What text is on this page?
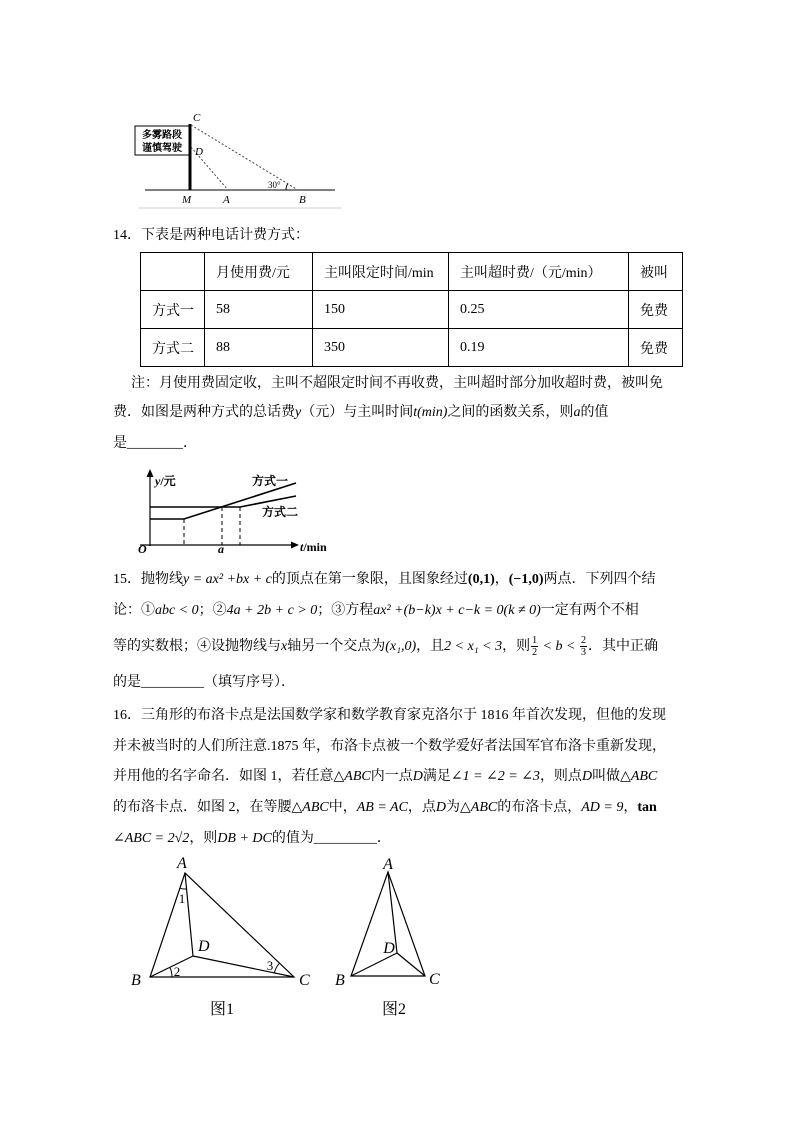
多雾路段
谨慎驾驶
C
D
M	A	B
30°
14．下表是两种电话计费方式：
	月使用费/元	主叫限定时间/min	主叫超时费/（元/min）	被叫
方式一	58	150	0.25	免费
方式二	88	350	0.19	免费
注：月使用费固定收，主叫不超限定时间不再收费，主叫超时部分加收超时费，被叫免
费．如图是两种方式的总话费y（元）与主叫时间t(min)之间的函数关系，则a的值
是________．
y/元	方式一
方式二
O	a	t/min
15．抛物线y = ax² +bx + c的顶点在第一象限，且图象经过(0,1)，(−1,0)两点．下列四个结
论：①abc < 0；②4a + 2b + c > 0；③方程ax² +(b−k)x + c−k = 0(k ≠ 0)一定有两个不相
等的实数根；④设抛物线与x轴另一个交点为(x₁,0)，且2 < x₁ < 3，则 $\frac{1}{2} < b < \frac{2}{3}$ ．其中正确
的是_________（填写序号）．
16．三角形的布洛卡点是法国数学家和数学教育家克洛尔于 1816 年首次发现，但他的发现
并未被当时的人们所注意.1875 年，布洛卡点被一个数学爱好者法国军官布洛卡重新发现，
并用他的名字命名．如图 1，若任意△ABC内一点D满足∠1 = ∠2 = ∠3，则点D叫做△ABC
的布洛卡点．如图 2，在等腰△ABC中，AB = AC，点D为△ABC的布洛卡点，AD = 9，tan
∠ABC = 2√2，则DB + DC的值为_________．
A
B	C
D
1
2	3
图1
A
B	C
D
图2
